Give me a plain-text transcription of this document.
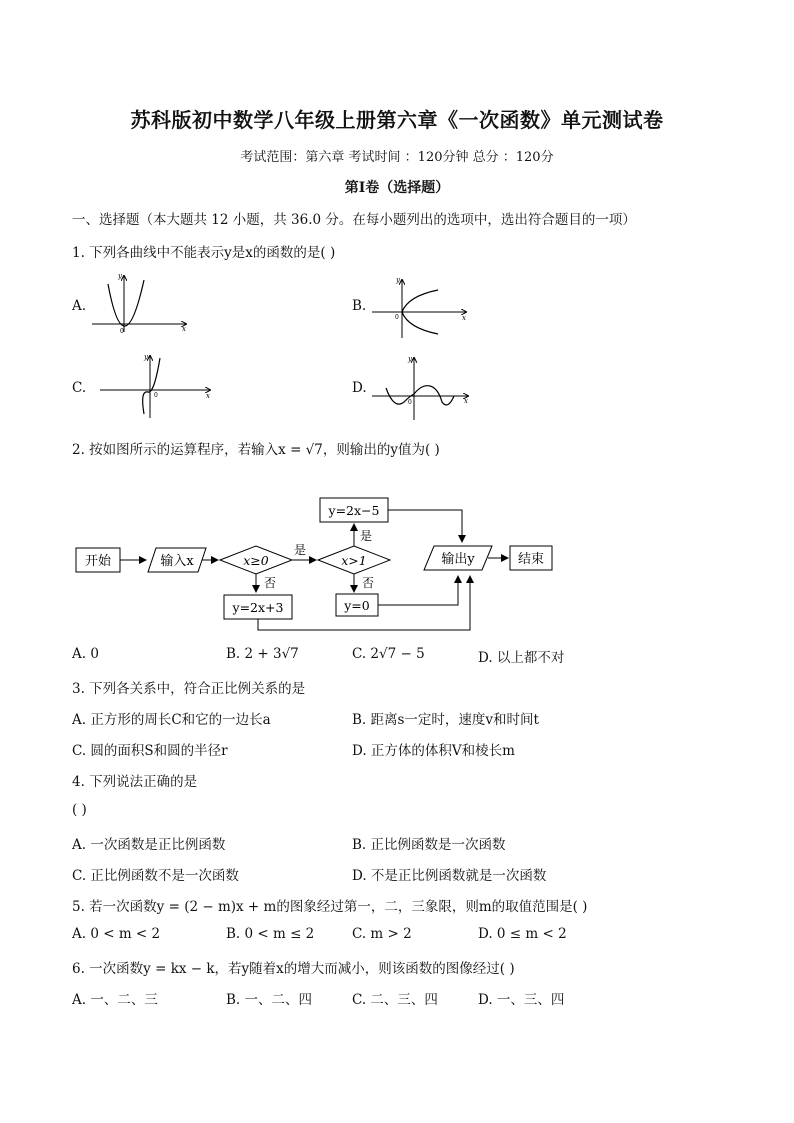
苏科版初中数学八年级上册第六章《一次函数》单元测试卷
考试范围：第六章 考试时间 ：120分钟 总分 ：120分
第Ⅰ卷（选择题）
一、选择题（本大题共 12 小题，共 36.0 分。在每小题列出的选项中，选出符合题目的一项）
1. 下列各曲线中不能表示y是x的函数的是( )
A.
x
y
0
B.
x
y
0
C.	x
y
0	D.
x
y
0
2. 按如图所示的运算程序，若输入x = √7，则输出的y值为( )
开始	输入x	x≥0
是
否
x>1
是
否
y=2x−5
y=2x+3	y=0
输出y	结束
A. 0	B. 2 + 3√7	C. 2√7 − 5	D. 以上都不对
3. 下列各关系中，符合正比例关系的是
A. 正方形的周长C和它的一边长a	B. 距离s一定时，速度v和时间t
C. 圆的面积S和圆的半径r	D. 正方体的体积V和棱长m
4. 下列说法正确的是
( )
A. 一次函数是正比例函数	B. 正比例函数是一次函数
C. 正比例函数不是一次函数	D. 不是正比例函数就是一次函数
5. 若一次函数y = (2 − m)x + m的图象经过第一，二，三象限，则m的取值范围是( )
A. 0 < m < 2	B. 0 < m ≤ 2	C. m > 2	D. 0 ≤ m < 2
6. 一次函数y = kx − k，若y随着x的增大而减小，则该函数的图像经过( )
A. 一、二、三	B. 一、二、四	C. 二、三、四	D. 一、三、四
